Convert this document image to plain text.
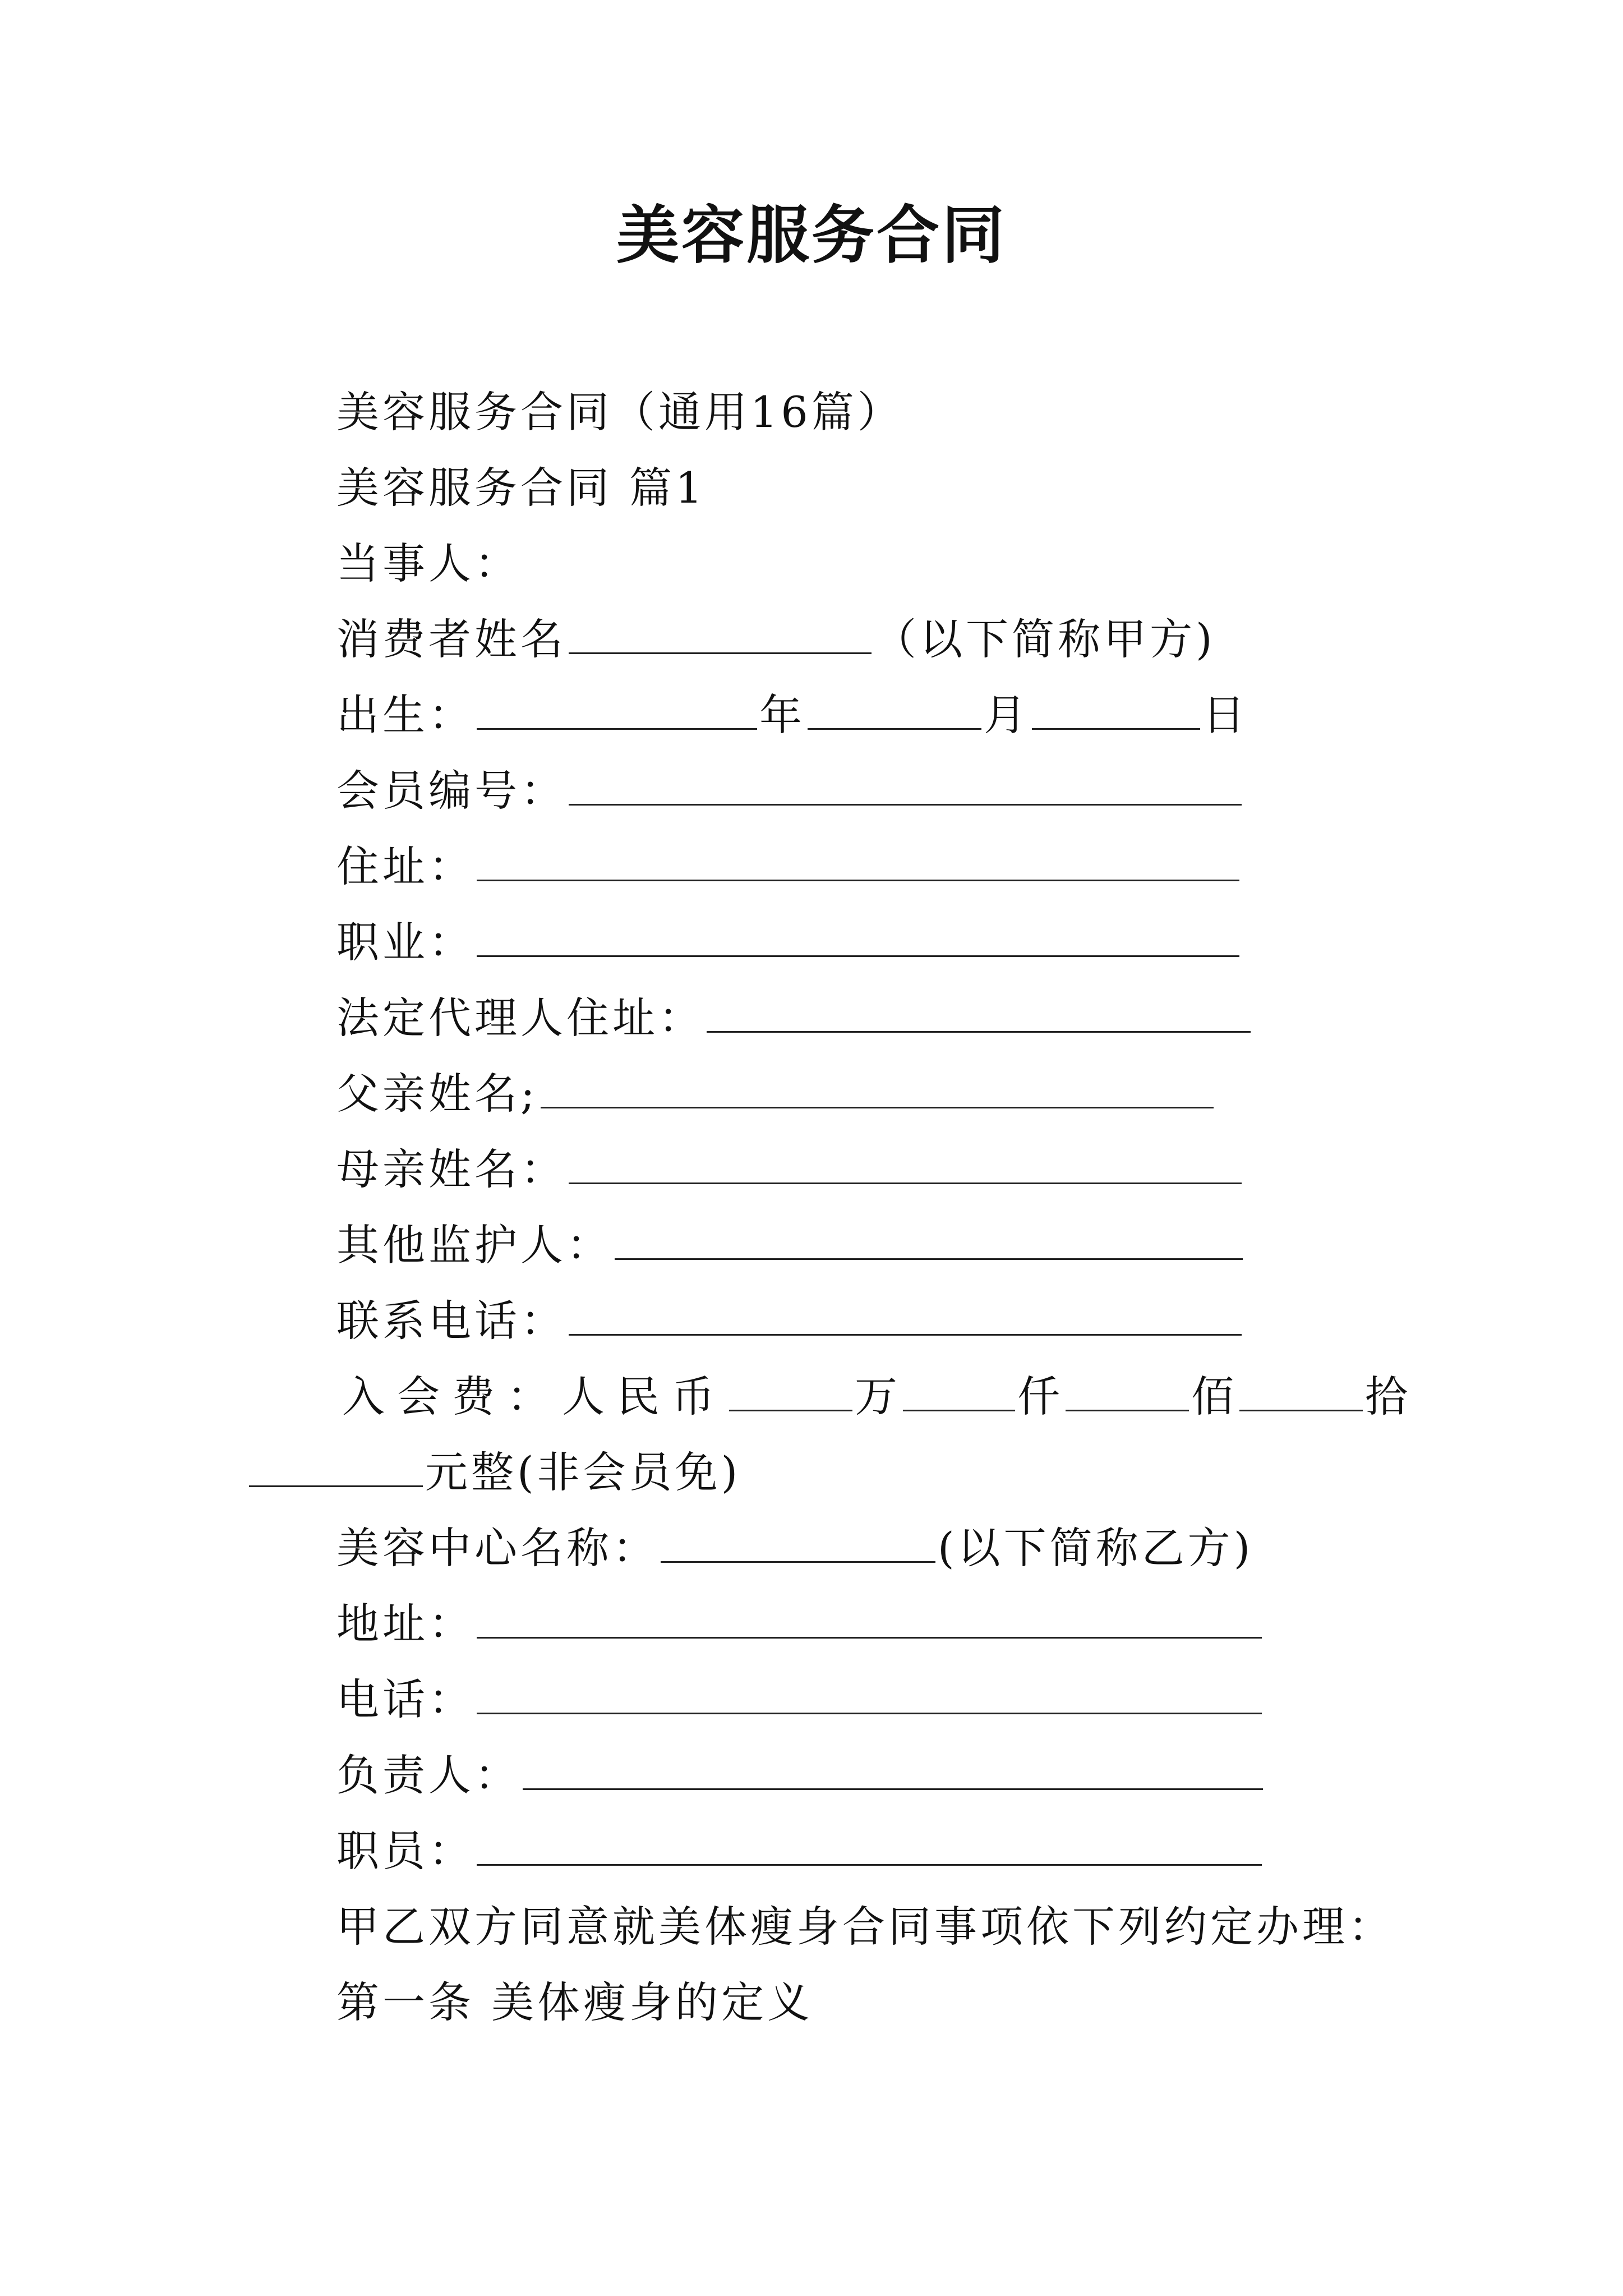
美容服务合同
美容服务合同（通用16篇）
美容服务合同 篇1
当事人：
消费者姓名	（以下简称甲方)
出生：	年	月	日
会员编号：
住址：
职业：
法定代理人住址：
父亲姓名;
母亲姓名：
其他监护人：
联系电话：
入会费：人民币	万	仟	佰	拾
元整(非会员免)
美容中心名称：	(以下简称乙方)
地址：
电话：
负责人：
职员：
甲乙双方同意就美体瘦身合同事项依下列约定办理：
第一条 美体瘦身的定义
